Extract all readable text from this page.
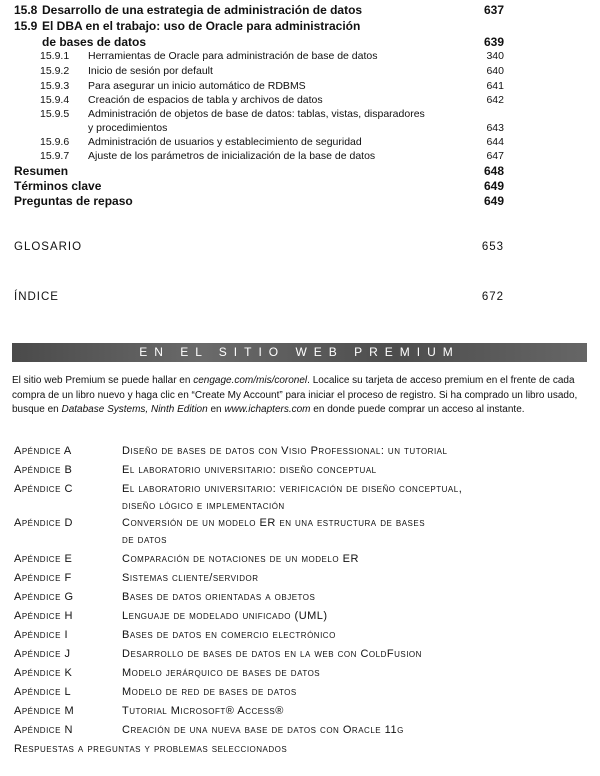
15.8 Desarrollo de una estrategia de administración de datos	637
15.9 El DBA en el trabajo: uso de Oracle para administración
de bases de datos	639
15.9.1 Herramientas de Oracle para administración de base de datos	340
15.9.2 Inicio de sesión por default	640
15.9.3 Para asegurar un inicio automático de RDBMS	641
15.9.4 Creación de espacios de tabla y archivos de datos	642
15.9.5 Administración de objetos de base de datos: tablas, vistas, disparadores
y procedimientos	643
15.9.6 Administración de usuarios y establecimiento de seguridad	644
15.9.7 Ajuste de los parámetros de inicialización de la base de datos	647
Resumen	648
Términos clave	649
Preguntas de repaso	649
GLOSARIO	653
ÍNDICE	672
EN EL SITIO WEB PREMIUM
El sitio web Premium se puede hallar en cengage.com/mis/coronel. Localice su tarjeta de acceso premium en el frente de cada compra de un libro nuevo y haga clic en “Create My Account” para iniciar el proceso de registro. Si ha comprado un libro usado, busque en Database Systems, Ninth Edition en www.ichapters.com en donde puede comprar un acceso al instante.
Apéndice A	Diseño de bases de datos con Visio Professional: un tutorial
Apéndice B	El laboratorio universitario: diseño conceptual
Apéndice C	El laboratorio universitario: verificación de diseño conceptual,
diseño lógico e implementación
Apéndice D	Conversión de un modelo ER en una estructura de bases
de datos
Apéndice E	Comparación de notaciones de un modelo ER
Apéndice F	Sistemas cliente/servidor
Apéndice G	Bases de datos orientadas a objetos
Apéndice H	Lenguaje de modelado unificado (UML)
Apéndice I	Bases de datos en comercio electrónico
Apéndice J	Desarrollo de bases de datos en la web con ColdFusion
Apéndice K	Modelo jerárquico de bases de datos
Apéndice L	Modelo de red de bases de datos
Apéndice M	Tutorial Microsoft® Access®
Apéndice N	Creación de una nueva base de datos con Oracle 11g
Respuestas a preguntas y problemas seleccionados
